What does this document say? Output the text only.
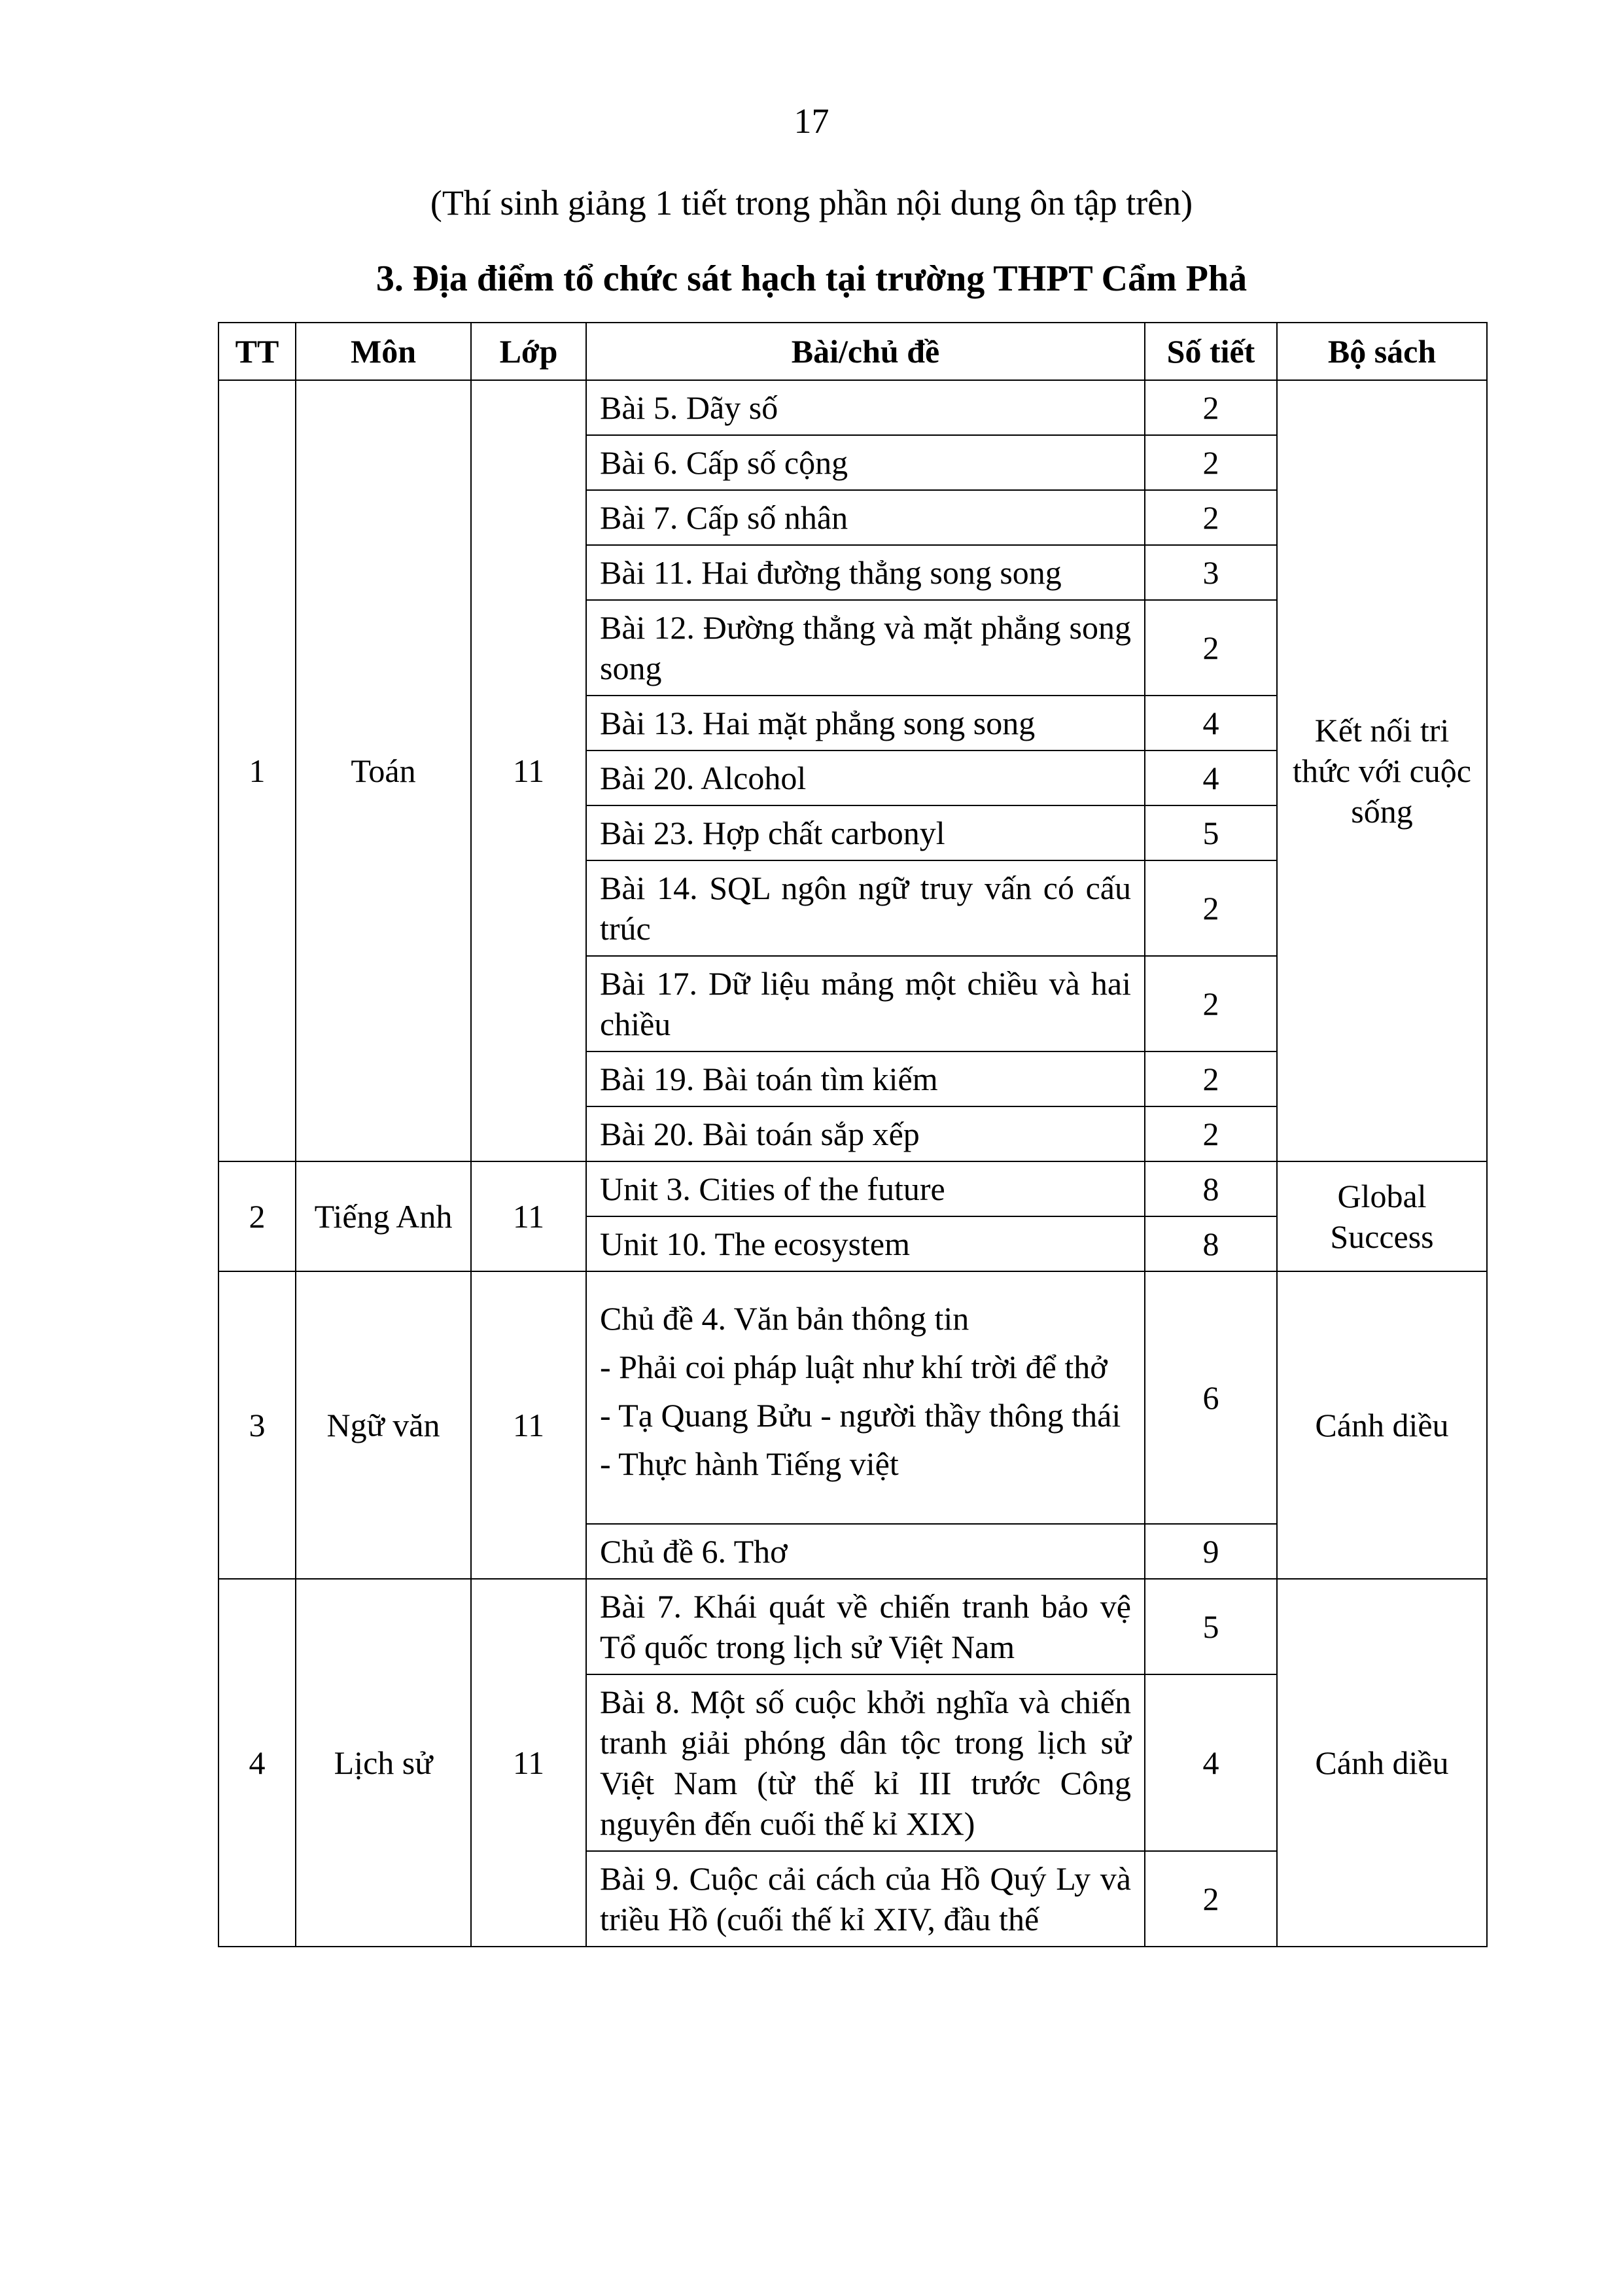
17
(Thí sinh giảng 1 tiết trong phần nội dung ôn tập trên)
3. Địa điểm tổ chức sát hạch tại trường THPT Cẩm Phả
TT	Môn	Lớp	Bài/chủ đề	Số tiết	Bộ sách
1	Toán	11	Bài 5. Dãy số	2	Kết nối tri thức với cuộc sống
			Bài 6. Cấp số cộng	2	
			Bài 7. Cấp số nhân	2	
			Bài 11. Hai đường thẳng song song	3	
			Bài 12. Đường thẳng và mặt phẳng song song	2	
			Bài 13. Hai mặt phẳng song song	4	
			Bài 20. Alcohol	4	
			Bài 23. Hợp chất carbonyl	5	
			Bài 14. SQL ngôn ngữ truy vấn có cấu trúc	2	
			Bài 17. Dữ liệu mảng một chiều và hai chiều	2	
			Bài 19. Bài toán tìm kiếm	2	
			Bài 20. Bài toán sắp xếp	2	
2	Tiếng Anh	11	Unit 3. Cities of the future	8	Global Success
			Unit 10. The ecosystem	8	
3	Ngữ văn	11	Chủ đề 4. Văn bản thông tin

- Phải coi pháp luật như khí trời để thở

- Tạ Quang Bửu - người thầy thông thái

- Thực hành Tiếng việt	6	Cánh diều
			Chủ đề 6. Thơ	9	
4	Lịch sử	11	Bài 7. Khái quát về chiến tranh bảo vệ Tổ quốc trong lịch sử Việt Nam	5	Cánh diều
			Bài 8. Một số cuộc khởi nghĩa và chiến tranh giải phóng dân tộc trong lịch sử Việt Nam (từ thế kỉ III trước Công nguyên đến cuối thế kỉ XIX)	4	
			Bài 9. Cuộc cải cách của Hồ Quý Ly và triều Hồ (cuối thế kỉ XIV, đầu thế	2	
